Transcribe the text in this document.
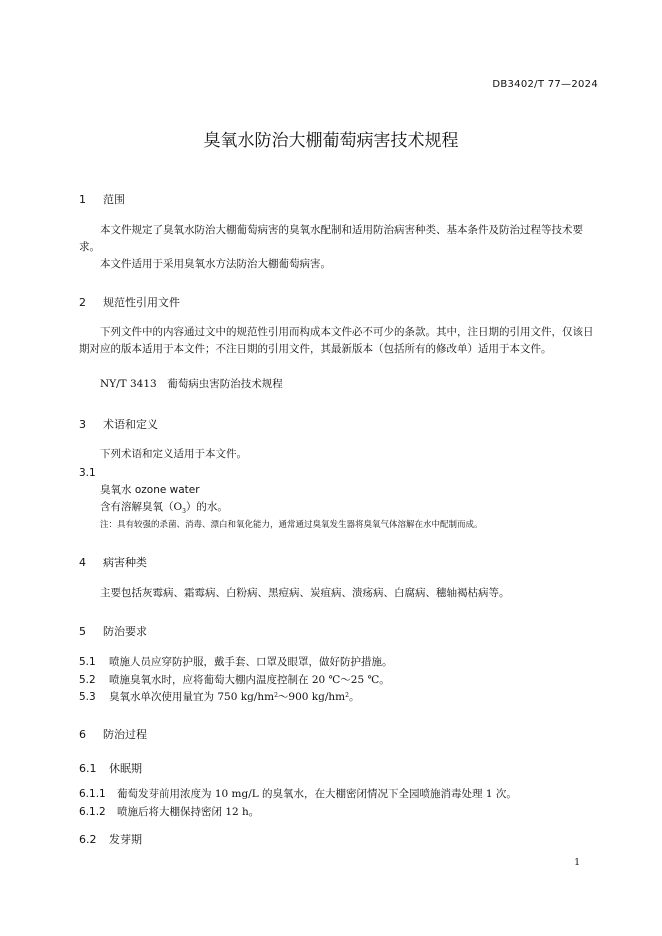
DB3402/T 77—2024
臭氧水防治大棚葡萄病害技术规程
1 范围
本文件规定了臭氧水防治大棚葡萄病害的臭氧水配制和适用防治病害种类、基本条件及防治过程等技术要求。
本文件适用于采用臭氧水方法防治大棚葡萄病害。
2 规范性引用文件
下列文件中的内容通过文中的规范性引用而构成本文件必不可少的条款。其中，注日期的引用文件，仅该日期对应的版本适用于本文件；不注日期的引用文件，其最新版本（包括所有的修改单）适用于本文件。
NY/T 3413　葡萄病虫害防治技术规程
3 术语和定义
下列术语和定义适用于本文件。
3.1
臭氧水 ozone water
含有溶解臭氧$(O_3)$的水。
注：具有较强的杀菌、消毒、漂白和氧化能力，通常通过臭氧发生器将臭氧气体溶解在水中配制而成。
4 病害种类
主要包括灰霉病、霜霉病、白粉病、黑痘病、炭疽病、溃疡病、白腐病、穗轴褐枯病等。
5 防治要求
5.1 喷施人员应穿防护服，戴手套、口罩及眼罩，做好防护措施。
5.2 喷施臭氧水时，应将葡萄大棚内温度控制在 20 ℃～25 ℃。
5.3 臭氧水单次使用量宜为 750 $kg/hm^2\sim 900$ $kg/hm^2$。
6 防治过程
6.1 休眠期
6.1.1 葡萄发芽前用浓度为 10 mg/L 的臭氧水，在大棚密闭情况下全园喷施消毒处理 1 次。
6.1.2 喷施后将大棚保持密闭 12 h。
6.2 发芽期
1
